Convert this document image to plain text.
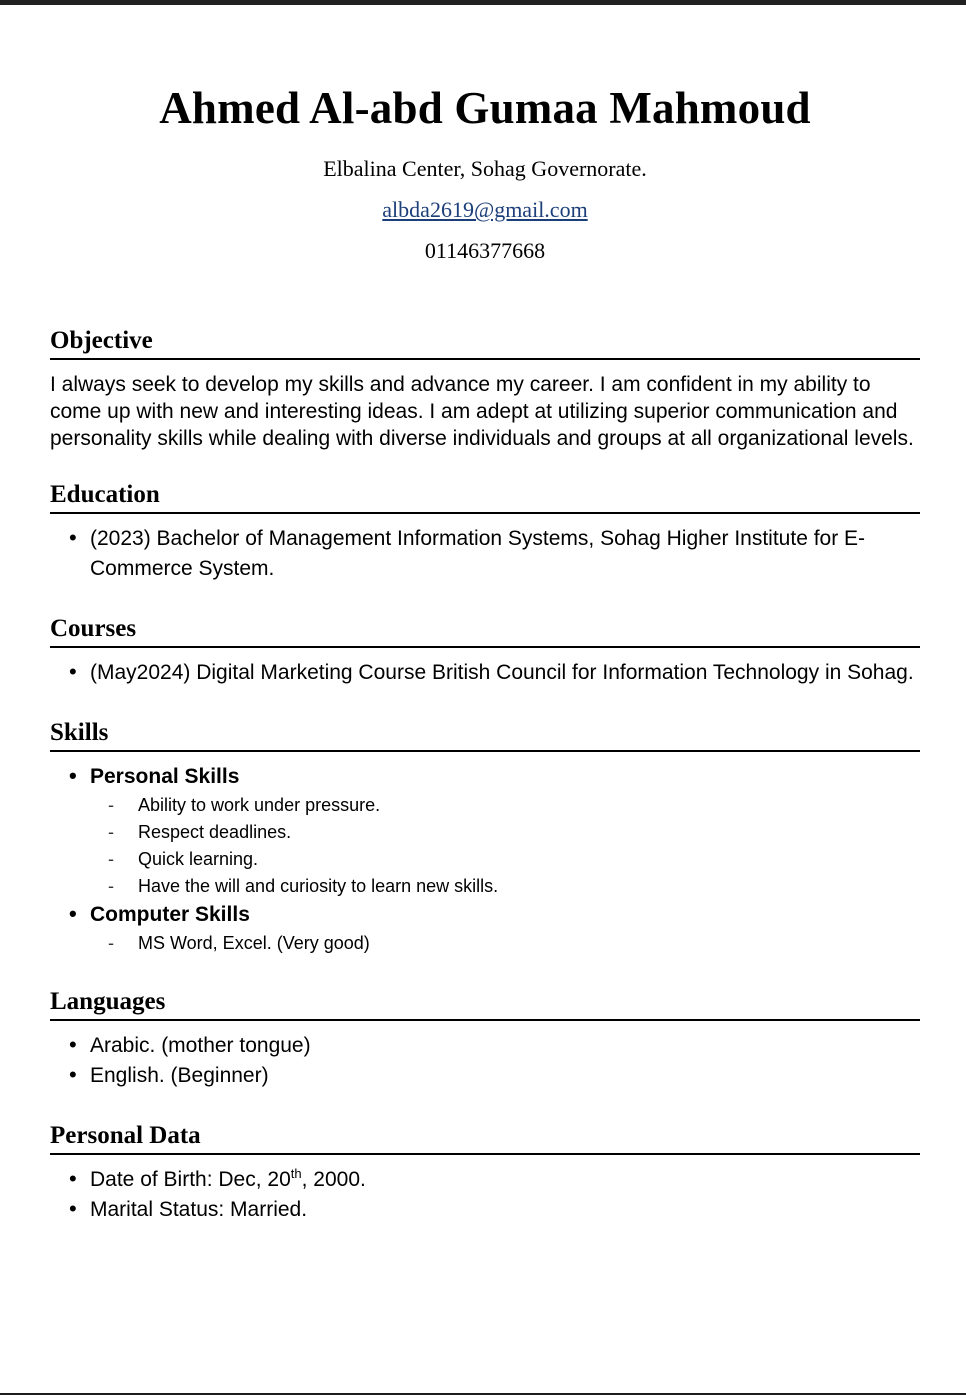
Ahmed Al-abd Gumaa Mahmoud

Elbalina Center, Sohag Governorate.

albda2619@gmail.com

01146377668

Objective

I always seek to develop my skills and advance my career. I am confident in my ability to come up with new and interesting ideas. I am adept at utilizing superior communication and personality skills while dealing with diverse individuals and groups at all organizational levels.

Education
• (2023) Bachelor of Management Information Systems, Sohag Higher Institute for E-Commerce System.
Courses
• (May2024) Digital Marketing Course British Council for Information Technology in Sohag.
Skills
• Personal Skills
- Ability to work under pressure.
- Respect deadlines.
- Quick learning.
- Have the will and curiosity to learn new skills.
• Computer Skills
- MS Word, Excel. (Very good)
Languages
• Arabic. (mother tongue)
• English. (Beginner)
Personal Data
• Date of Birth: Dec, 20th, 2000.
• Marital Status: Married.
